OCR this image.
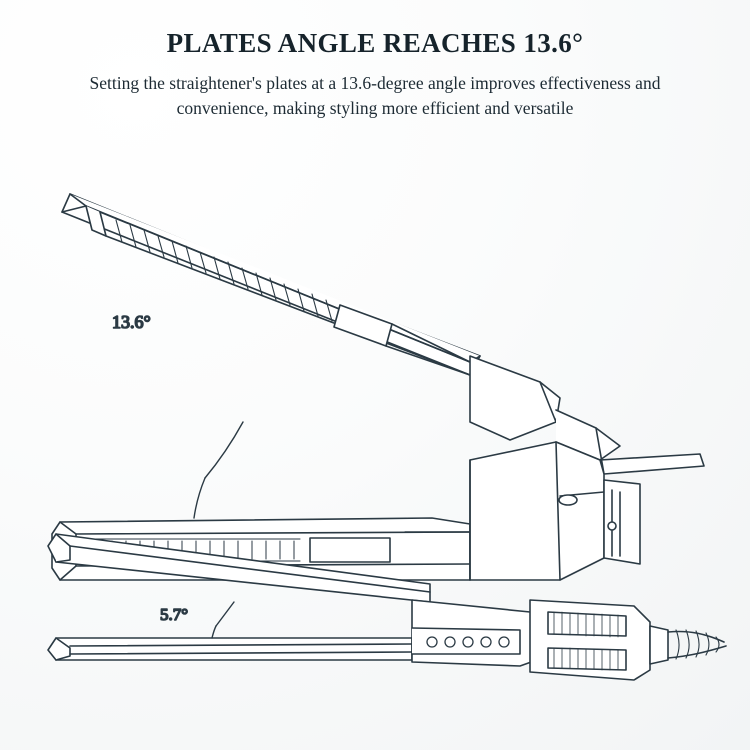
PLATES ANGLE REACHES 13.6°

Setting the straightener's plates at a 13.6-degree angle improves effectiveness and convenience, making styling more efficient and versatile

13.6°
5.7°
